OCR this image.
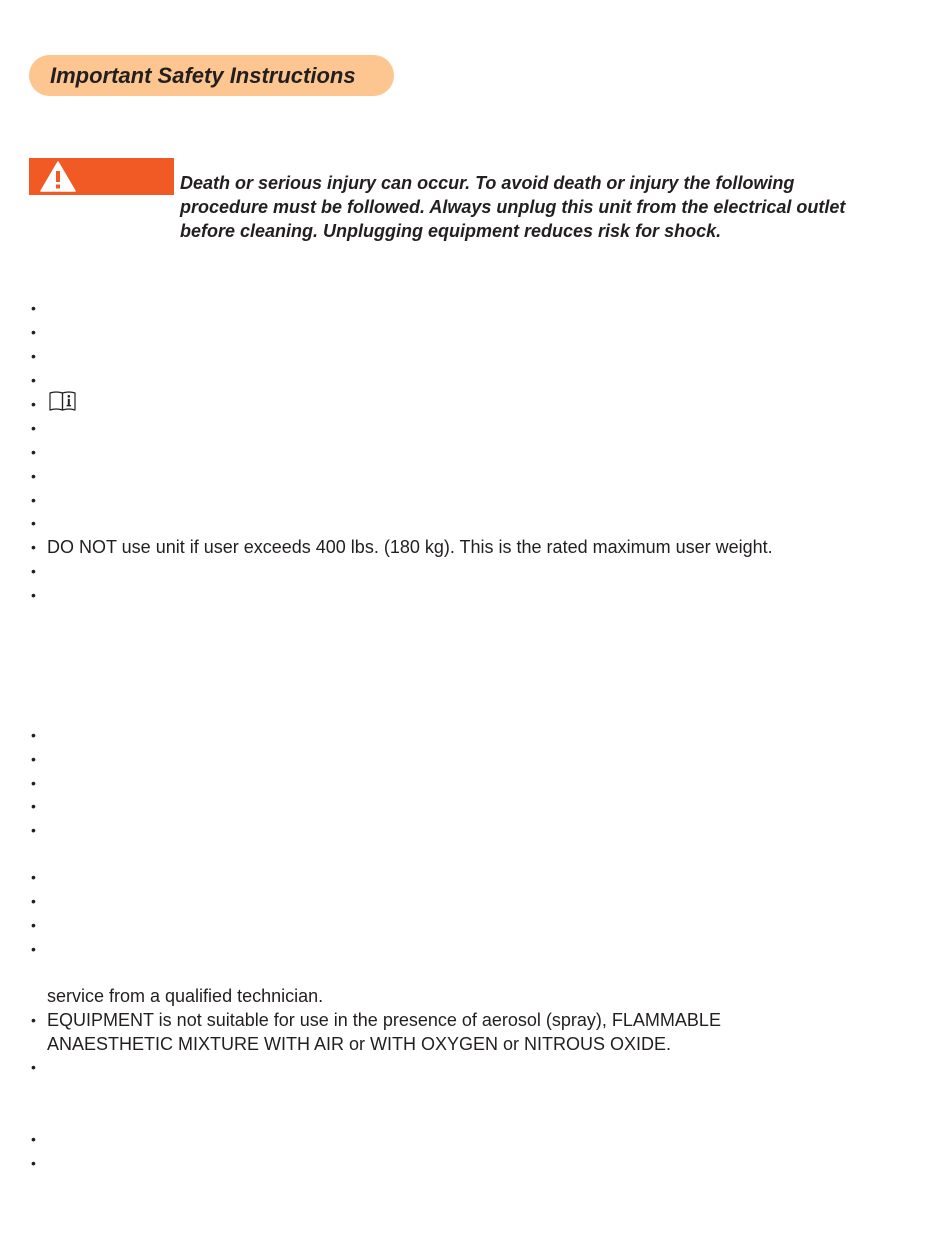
Important Safety Instructions
Death or serious injury can occur. To avoid death or injury the following
procedure must be followed. Always unplug this unit from the electrical outlet
before cleaning. Unplugging equipment reduces risk for shock.
•
•
•
•
•
•
•
•
•
•
• DO NOT use unit if user exceeds 400 lbs. (180 kg). This is the rated maximum user weight.
•
•
•
•
•
•
•
•
•
•
•
service from a qualified technician.
• EQUIPMENT is not suitable for use in the presence of aerosol (spray), FLAMMABLE
ANAESTHETIC MIXTURE WITH AIR or WITH OXYGEN or NITROUS OXIDE.
•
•
•
